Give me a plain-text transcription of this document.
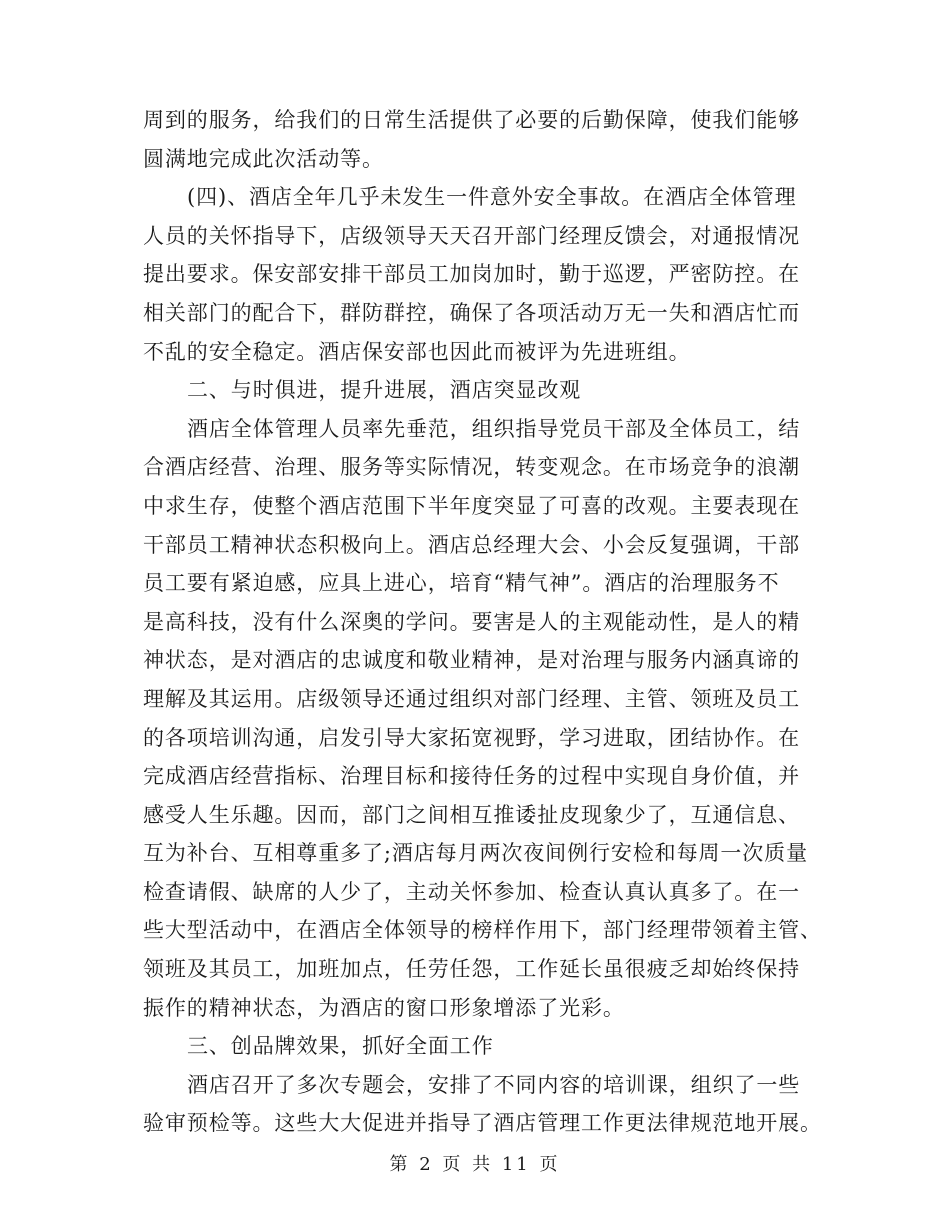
周到的服务，给我们的日常生活提供了必要的后勤保障，使我们能够
圆满地完成此次活动等。
(四)、酒店全年几乎未发生一件意外安全事故。在酒店全体管理
人员的关怀指导下，店级领导天天召开部门经理反馈会，对通报情况
提出要求。保安部安排干部员工加岗加时，勤于巡逻，严密防控。在
相关部门的配合下，群防群控，确保了各项活动万无一失和酒店忙而
不乱的安全稳定。酒店保安部也因此而被评为先进班组。
二、与时俱进，提升进展，酒店突显改观
酒店全体管理人员率先垂范，组织指导党员干部及全体员工，结
合酒店经营、治理、服务等实际情况，转变观念。在市场竞争的浪潮
中求生存，使整个酒店范围下半年度突显了可喜的改观。主要表现在
干部员工精神状态积极向上。酒店总经理大会、小会反复强调，干部
员工要有紧迫感，应具上进心，培育“精气神”。酒店的治理服务不
是高科技，没有什么深奥的学问。要害是人的主观能动性，是人的精
神状态，是对酒店的忠诚度和敬业精神，是对治理与服务内涵真谛的
理解及其运用。店级领导还通过组织对部门经理、主管、领班及员工
的各项培训沟通，启发引导大家拓宽视野，学习进取，团结协作。在
完成酒店经营指标、治理目标和接待任务的过程中实现自身价值，并
感受人生乐趣。因而，部门之间相互推诿扯皮现象少了，互通信息、
互为补台、互相尊重多了;酒店每月两次夜间例行安检和每周一次质量
检查请假、缺席的人少了，主动关怀参加、检查认真认真多了。在一
些大型活动中，在酒店全体领导的榜样作用下，部门经理带领着主管、
领班及其员工，加班加点，任劳任怨，工作延长虽很疲乏却始终保持
振作的精神状态，为酒店的窗口形象增添了光彩。
三、创品牌效果，抓好全面工作
酒店召开了多次专题会，安排了不同内容的培训课，组织了一些
验审预检等。这些大大促进并指导了酒店管理工作更法律规范地开展。
第 2 页 共 11 页
